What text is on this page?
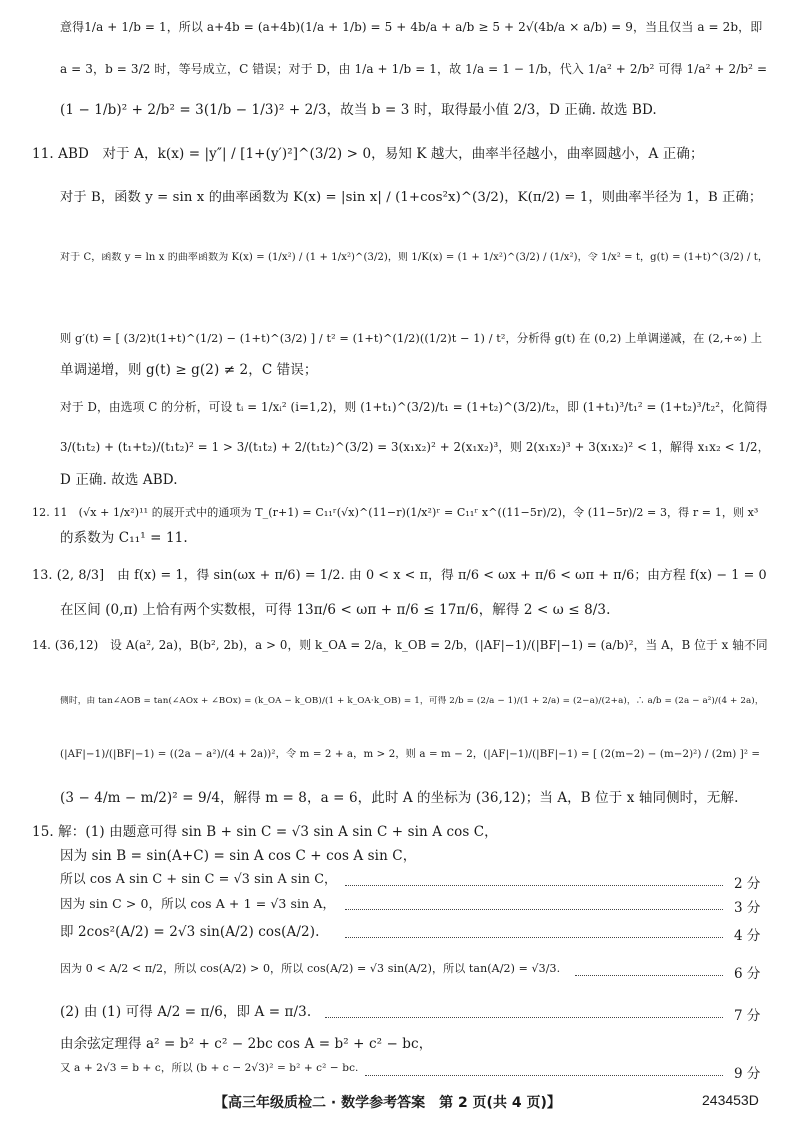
意得1/a + 1/b = 1，所以 a+4b = (a+4b)(1/a + 1/b) = 5 + 4b/a + a/b ≥ 5 + 2√(4b/a × a/b) = 9，当且仅当 a = 2b，即
a = 3，b = 3/2 时，等号成立，C 错误；对于 D，由 1/a + 1/b = 1，故 1/a = 1 − 1/b，代入 1/a² + 2/b² 可得 1/a² + 2/b² =
(1 − 1/b)² + 2/b² = 3(1/b − 1/3)² + 2/3，故当 b = 3 时，取得最小值 2/3，D 正确. 故选 BD.
11. ABD　对于 A，k(x) = |y″| / [1+(y′)²]^(3/2) > 0，易知 K 越大，曲率半径越小，曲率圆越小，A 正确；
对于 B，函数 y = sin x 的曲率函数为 K(x) = |sin x| / (1+cos²x)^(3/2)，K(π/2) = 1，则曲率半径为 1，B 正确；
对于 C，函数 y = ln x 的曲率函数为 K(x) = (1/x²) / (1 + 1/x²)^(3/2)，则 1/K(x) = (1 + 1/x²)^(3/2) / (1/x²)，令 1/x² = t，g(t) = (1+t)^(3/2) / t，
则 g′(t) = [ (3/2)t(1+t)^(1/2) − (1+t)^(3/2) ] / t² = (1+t)^(1/2)((1/2)t − 1) / t²，分析得 g(t) 在 (0,2) 上单调递减，在 (2,+∞) 上
单调递增，则 g(t) ≥ g(2) ≠ 2，C 错误；
对于 D，由选项 C 的分析，可设 tᵢ = 1/xᵢ² (i=1,2)，则 (1+t₁)^(3/2)/t₁ = (1+t₂)^(3/2)/t₂，即 (1+t₁)³/t₁² = (1+t₂)³/t₂²，化简得
3/(t₁t₂) + (t₁+t₂)/(t₁t₂)² = 1 > 3/(t₁t₂) + 2/(t₁t₂)^(3/2) = 3(x₁x₂)² + 2(x₁x₂)³，则 2(x₁x₂)³ + 3(x₁x₂)² < 1，解得 x₁x₂ < 1/2，
D 正确. 故选 ABD.
12. 11　(√x + 1/x²)¹¹ 的展开式中的通项为 T_(r+1) = C₁₁ʳ(√x)^(11−r)(1/x²)ʳ = C₁₁ʳ x^((11−5r)/2)，令 (11−5r)/2 = 3，得 r = 1，则 x³
的系数为 C₁₁¹ = 11.
13. (2, 8/3]　由 f(x) = 1，得 sin(ωx + π/6) = 1/2. 由 0 < x < π，得 π/6 < ωx + π/6 < ωπ + π/6；由方程 f(x) − 1 = 0
在区间 (0,π) 上恰有两个实数根，可得 13π/6 < ωπ + π/6 ≤ 17π/6，解得 2 < ω ≤ 8/3.
14. (36,12)　设 A(a², 2a)，B(b², 2b)，a > 0，则 k_OA = 2/a，k_OB = 2/b，(|AF|−1)/(|BF|−1) = (a/b)²，当 A，B 位于 x 轴不同
侧时，由 tan∠AOB = tan(∠AOx + ∠BOx) = (k_OA − k_OB)/(1 + k_OA·k_OB) = 1，可得 2/b = (2/a − 1)/(1 + 2/a) = (2−a)/(2+a)，∴ a/b = (2a − a²)/(4 + 2a)，
(|AF|−1)/(|BF|−1) = ((2a − a²)/(4 + 2a))²，令 m = 2 + a，m > 2，则 a = m − 2，(|AF|−1)/(|BF|−1) = [ (2(m−2) − (m−2)²) / (2m) ]² =
(3 − 4/m − m/2)² = 9/4，解得 m = 8，a = 6，此时 A 的坐标为 (36,12)；当 A，B 位于 x 轴同侧时，无解.
15. 解：(1) 由题意可得 sin B + sin C = √3 sin A sin C + sin A cos C，
因为 sin B = sin(A+C) = sin A cos C + cos A sin C，
所以 cos A sin C + sin C = √3 sin A sin C，	2 分
因为 sin C > 0，所以 cos A + 1 = √3 sin A，	3 分
即 2cos²(A/2) = 2√3 sin(A/2) cos(A/2).	4 分
因为 0 < A/2 < π/2，所以 cos(A/2) > 0，所以 cos(A/2) = √3 sin(A/2)，所以 tan(A/2) = √3/3.	6 分
(2) 由 (1) 可得 A/2 = π/6，即 A = π/3.	7 分
由余弦定理得 a² = b² + c² − 2bc cos A = b² + c² − bc，
又 a + 2√3 = b + c，所以 (b + c − 2√3)² = b² + c² − bc.	9 分
【高三年级质检二 · 数学参考答案　第 2 页(共 4 页)】	243453D
